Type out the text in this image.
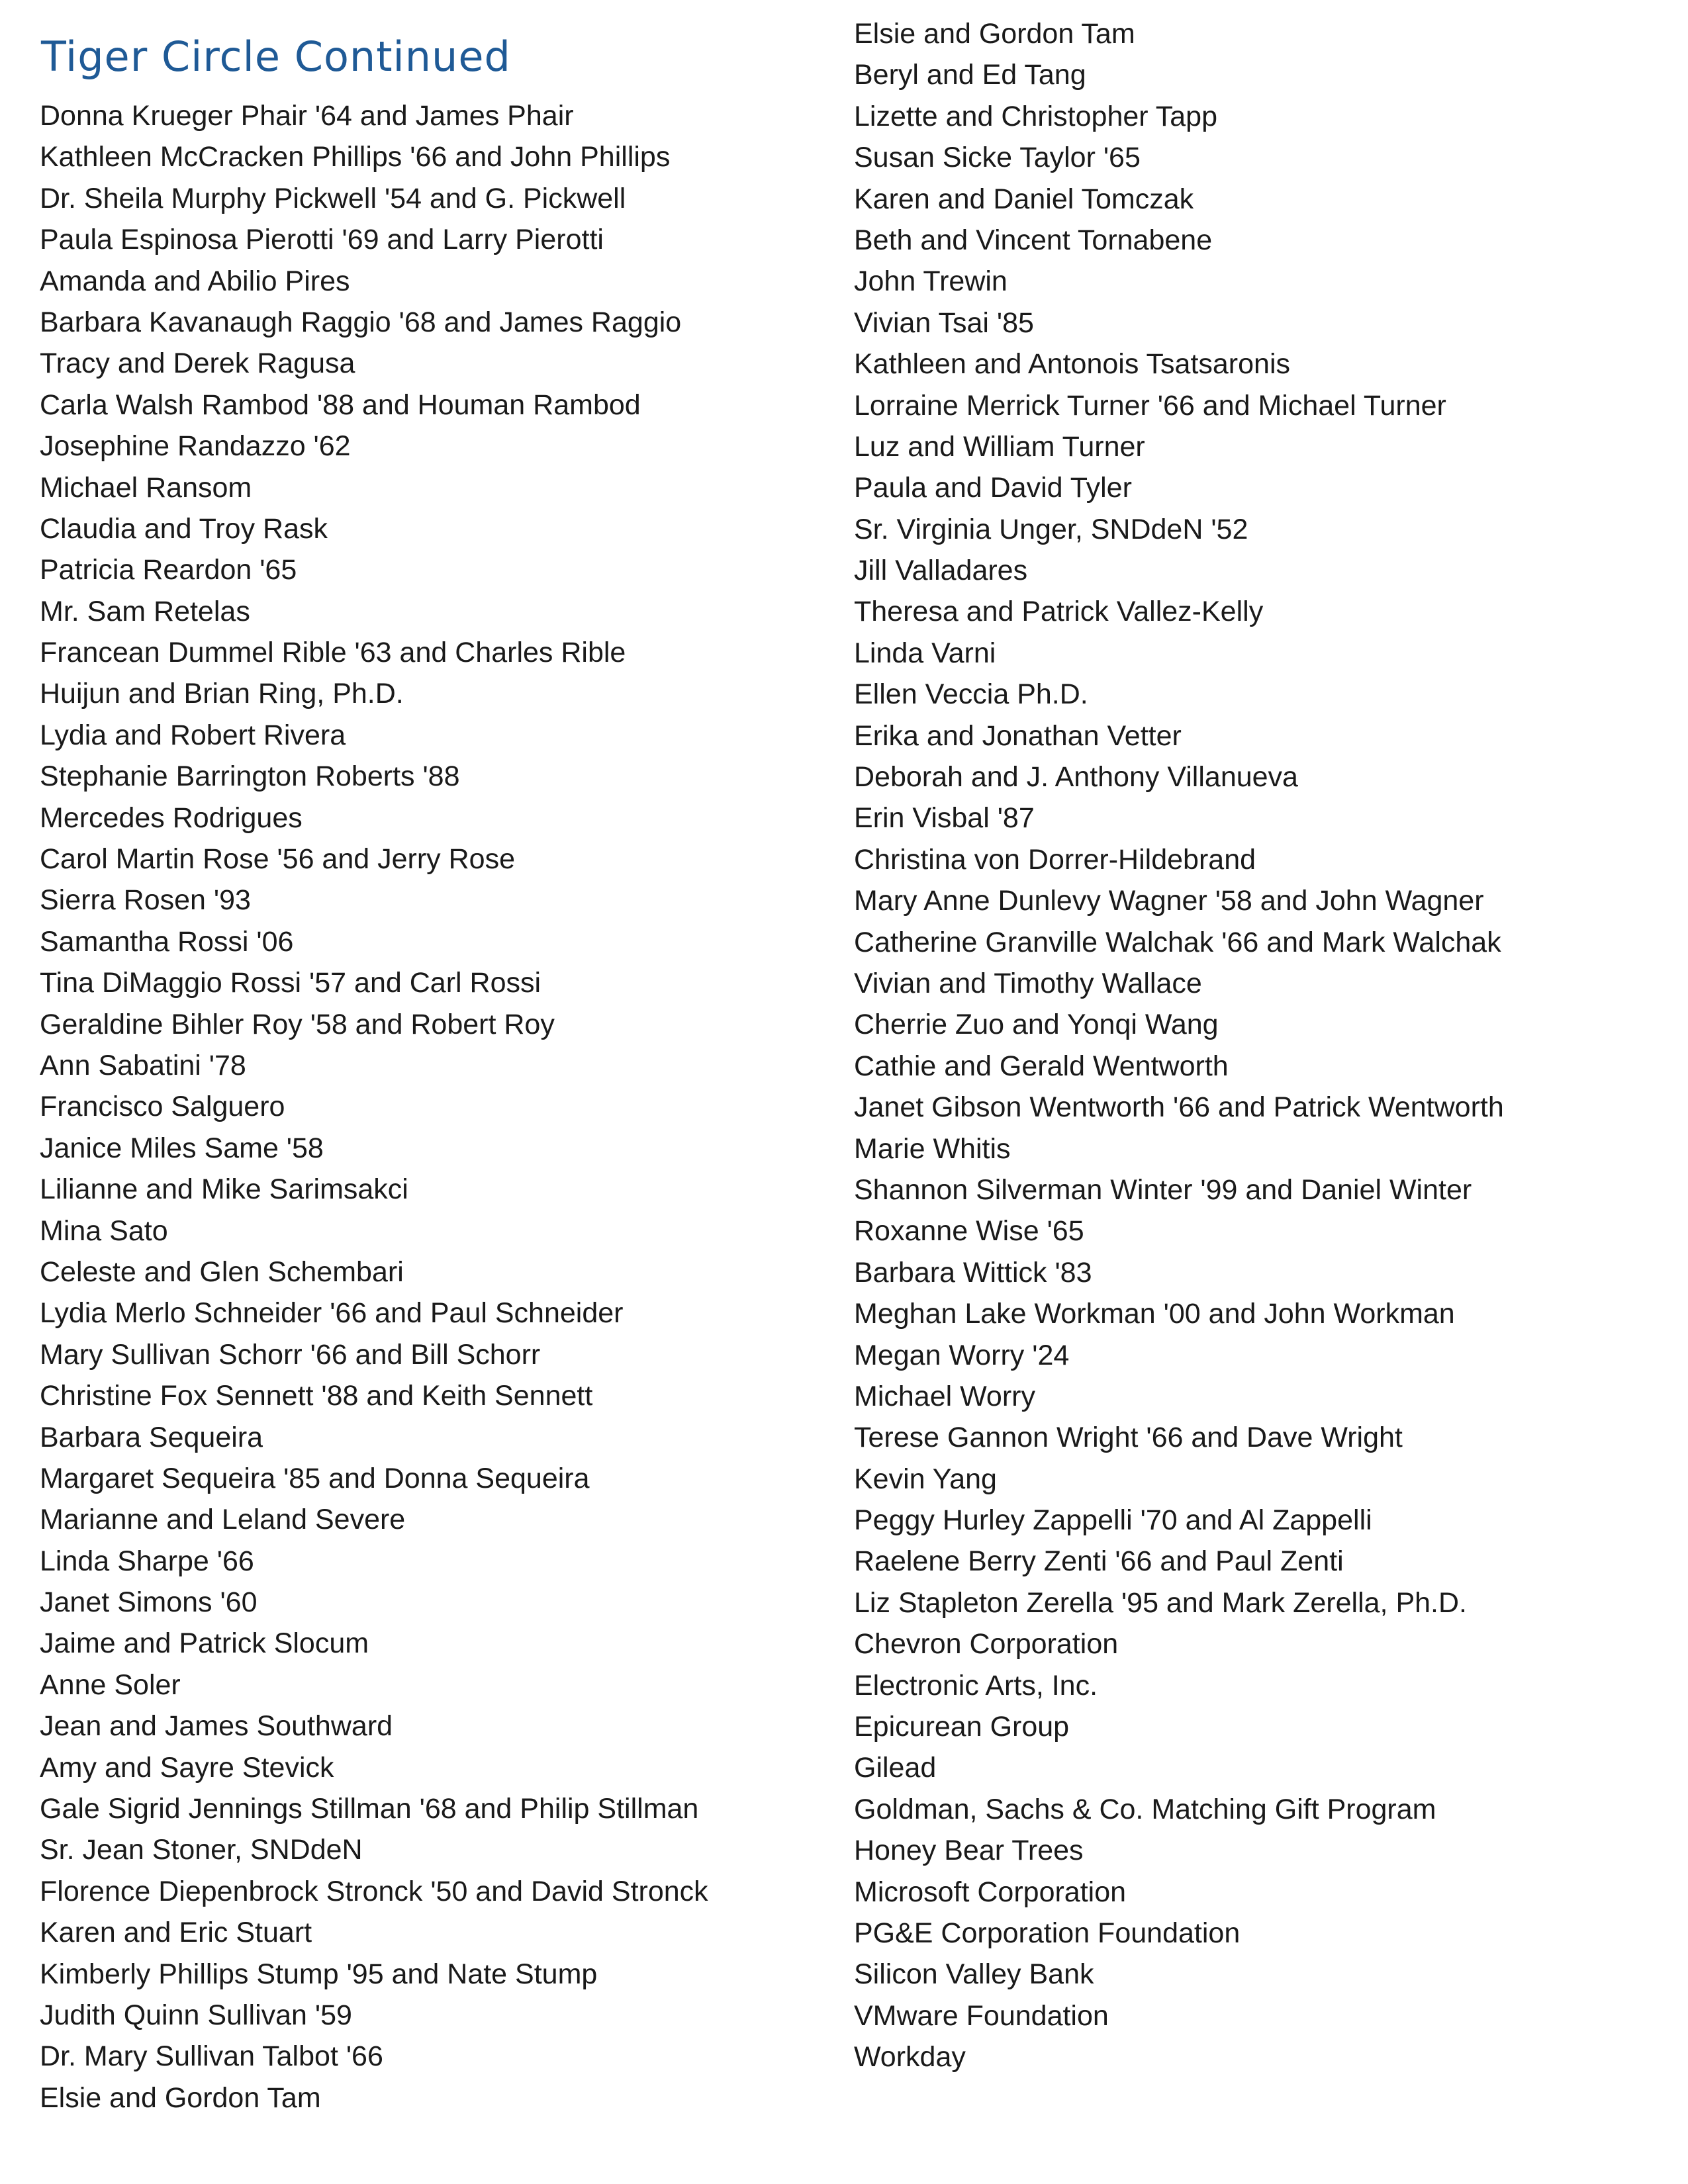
Tiger Circle Continued
Donna Krueger Phair '64 and James Phair
Kathleen McCracken Phillips '66 and John Phillips
Dr. Sheila Murphy Pickwell '54 and G. Pickwell
Paula Espinosa Pierotti '69 and Larry Pierotti
Amanda and Abilio Pires
Barbara Kavanaugh Raggio '68 and James Raggio
Tracy and Derek Ragusa
Carla Walsh Rambod '88 and Houman Rambod
Josephine Randazzo '62
Michael Ransom
Claudia and Troy Rask
Patricia Reardon '65
Mr. Sam Retelas
Francean Dummel Rible '63 and Charles Rible
Huijun and Brian Ring, Ph.D.
Lydia and Robert Rivera
Stephanie Barrington Roberts '88
Mercedes Rodrigues
Carol Martin Rose '56 and Jerry Rose
Sierra Rosen '93
Samantha Rossi '06
Tina DiMaggio Rossi '57 and Carl Rossi
Geraldine Bihler Roy '58 and Robert Roy
Ann Sabatini '78
Francisco Salguero
Janice Miles Same '58
Lilianne and Mike Sarimsakci
Mina Sato
Celeste and Glen Schembari
Lydia Merlo Schneider '66 and Paul Schneider
Mary Sullivan Schorr '66 and Bill Schorr
Christine Fox Sennett '88 and Keith Sennett
Barbara Sequeira
Margaret Sequeira '85 and Donna Sequeira
Marianne and Leland Severe
Linda Sharpe '66
Janet Simons '60
Jaime and Patrick Slocum
Anne Soler
Jean and James Southward
Amy and Sayre Stevick
Gale Sigrid Jennings Stillman '68 and Philip Stillman
Sr. Jean Stoner, SNDdeN
Florence Diepenbrock Stronck '50 and David Stronck
Karen and Eric Stuart
Kimberly Phillips Stump '95 and Nate Stump
Judith Quinn Sullivan '59
Dr. Mary Sullivan Talbot '66
Elsie and Gordon Tam
Elsie and Gordon Tam
Beryl and Ed Tang
Lizette and Christopher Tapp
Susan Sicke Taylor '65
Karen and Daniel Tomczak
Beth and Vincent Tornabene
John Trewin
Vivian Tsai '85
Kathleen and Antonois Tsatsaronis
Lorraine Merrick Turner '66 and Michael Turner
Luz and William Turner
Paula and David Tyler
Sr. Virginia Unger, SNDdeN '52
Jill Valladares
Theresa and Patrick Vallez-Kelly
Linda Varni
Ellen Veccia Ph.D.
Erika and Jonathan Vetter
Deborah and J. Anthony Villanueva
Erin Visbal '87
Christina von Dorrer-Hildebrand
Mary Anne Dunlevy Wagner '58 and John Wagner
Catherine Granville Walchak '66 and Mark Walchak
Vivian and Timothy Wallace
Cherrie Zuo and Yonqi Wang
Cathie and Gerald Wentworth
Janet Gibson Wentworth '66 and Patrick Wentworth
Marie Whitis
Shannon Silverman Winter '99 and Daniel Winter
Roxanne Wise '65
Barbara Wittick '83
Meghan Lake Workman '00 and John Workman
Megan Worry '24
Michael Worry
Terese Gannon Wright '66 and Dave Wright
Kevin Yang
Peggy Hurley Zappelli '70 and Al Zappelli
Raelene Berry Zenti '66 and Paul Zenti
Liz Stapleton Zerella '95 and Mark Zerella, Ph.D.
Chevron Corporation
Electronic Arts, Inc.
Epicurean Group
Gilead
Goldman, Sachs & Co. Matching Gift Program
Honey Bear Trees
Microsoft Corporation
PG&E Corporation Foundation
Silicon Valley Bank
VMware Foundation
Workday
